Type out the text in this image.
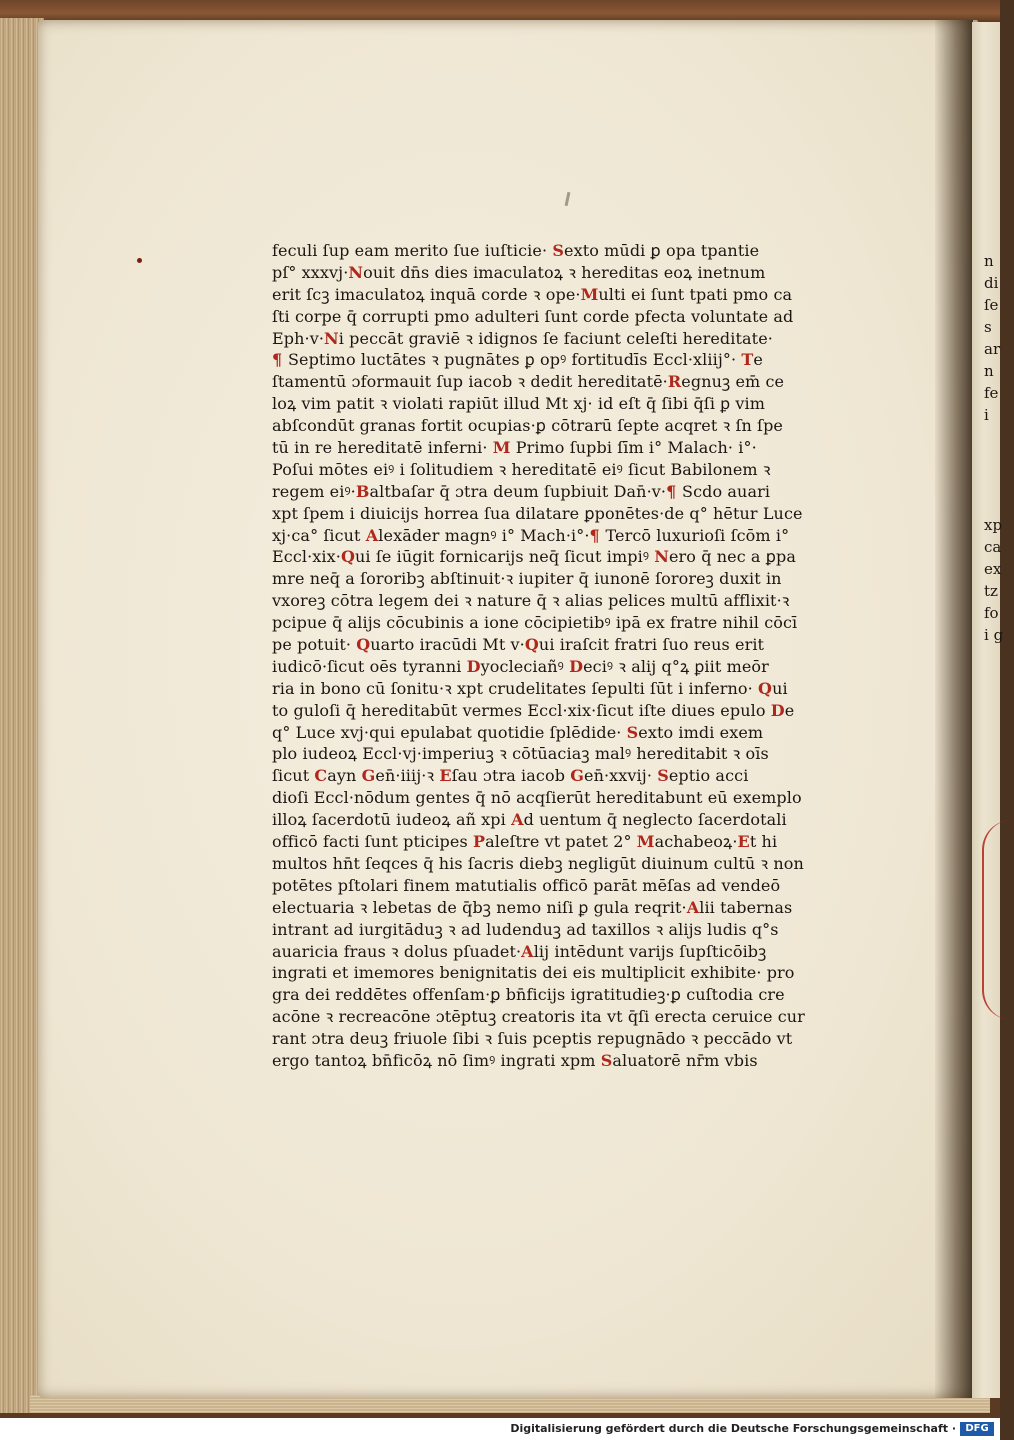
feculi ſup eam merito ſue iuſticie· Sexto mūdi ꝑ opa tpantie
pſ° xxxvj·Nouit dn̄s dies imaculatoꝝ ꝛ hereditas eoꝝ inetnum
erit ſcꝫ imaculatoꝝ inquā corde ꝛ ope·Multi ei ſunt tpati pmo ca
ſti corpe q̄ corrupti pmo adulteri ſunt corde pfecta voluntate ad
Eph·v·Ni peccāt graviē ꝛ idignos ſe faciunt celeſti hereditate·
¶ Septimo luctātes ꝛ pugnātes ꝑ opꝰ fortitudīs Eccl·xliij°· Te
ſtamentū ɔformauit ſup iacob ꝛ dedit hereditatē·Regnuꝫ em̄ ce
loꝝ vim patit ꝛ violati rapiūt illud Mt xj· id eſt q̄ ſibi q̄ſi ꝑ vim
abſcondūt granas fortit ocupias·ꝑ cōtrarū ſepte acqret ꝛ ſn ſpe
tū in re hereditatē inferni· M Primo ſupbi ſīm i° Malach· i°·
Poſui mōtes eiꝰ i ſolitudiem ꝛ hereditatē eiꝰ ſicut Babilonem ꝛ
regem eiꝰ·Baltbaſar q̄ ɔtra deum ſupbiuit Dan̄·v·¶ Scdo auari
xpt ſpem i diuicijs horrea ſua dilatare ꝑponētes·de q° hētur Luce
xj·ca° ſicut Alexāder magnꝰ i° Mach·i°·¶ Tercō luxurioſi ſcōm i°
Eccl·xix·Qui ſe iūgit fornicarijs neq̄ ſicut impiꝰ Nero q̄ nec a ꝑpa
mre neq̄ a ſororibꝫ abſtinuit·ꝛ iupiter q̄ iunonē ſororeꝫ duxit in
vxoreꝫ cōtra legem dei ꝛ nature q̄ ꝛ alias pelices multū afflixit·ꝛ
pcipue q̄ alijs cōcubinis a ione cōcipietibꝰ ipā ex fratre nihil cōcī
pe potuit· Quarto iracūdi Mt v·Qui iraſcit fratri ſuo reus erit
iudicō·ſicut oēs tyranni Dyocleciañꝰ Deciꝰ ꝛ alij q°ꝝ ꝑiit meōr
ria in bono cū ſonitu·ꝛ xpt crudelitates ſepulti ſūt i inferno· Qui
to guloſi q̄ hereditabūt vermes Eccl·xix·ſicut iſte diues epulo De
q° Luce xvj·qui epulabat quotidie ſplēdide· Sexto imdi exem
plo iudeoꝝ Eccl·vj·imperiuꝫ ꝛ cōtūaciaꝫ malꝰ hereditabit ꝛ oīs
ſicut Cayn Gen̄·iiij·ꝛ Eſau ɔtra iacob Gen̄·xxvij· Septio acci
dioſi Eccl·nōdum gentes q̄ nō acqſierūt hereditabunt eū exemplo
illoꝝ ſacerdotū iudeoꝝ añ xpi Ad uentum q̄ neglecto ſacerdotali
officō facti ſunt pticipes Paleſtre vt patet 2° Machabeoꝝ·Et hi
multos hn̄t ſeqces q̄ his ſacris diebꝫ negligūt diuinum cultū ꝛ non
potētes pſtolari finem matutialis officō parāt mēſas ad vendeō
electuaria ꝛ lebetas de q̄bꝫ nemo niſi ꝑ gula reqrit·Alii tabernas
intrant ad iurgitāduꝫ ꝛ ad ludenduꝫ ad taxillos ꝛ alijs ludis q°s
auaricia fraus ꝛ dolus pſuadet·Alij intēdunt varijs ſupſticōibꝫ
ingrati et imemores benignitatis dei eis multiplicit exhibite· pro
gra dei reddētes offenſam·ꝑ bn̄ficijs igratitudieꝫ·ꝑ cuſtodia cre
acōne ꝛ recreacōne ɔtēptuꝫ creatoris ita vt q̄ſi erecta ceruice cur
rant ɔtra deuꝫ friuole ſibi ꝛ ſuis pceptis repugnādo ꝛ peccādo vt
ergo tantoꝝ bn̄ficōꝝ nō ſimꝰ ingrati xpm Saluatorē nr̄m vbis
n
di
ſe
s
ar
n
fe
i
xp
ca
ex
tz
fo
i g
Digitalisierung gefördert durch die Deutsche Forschungsgemeinschaft · DFG
